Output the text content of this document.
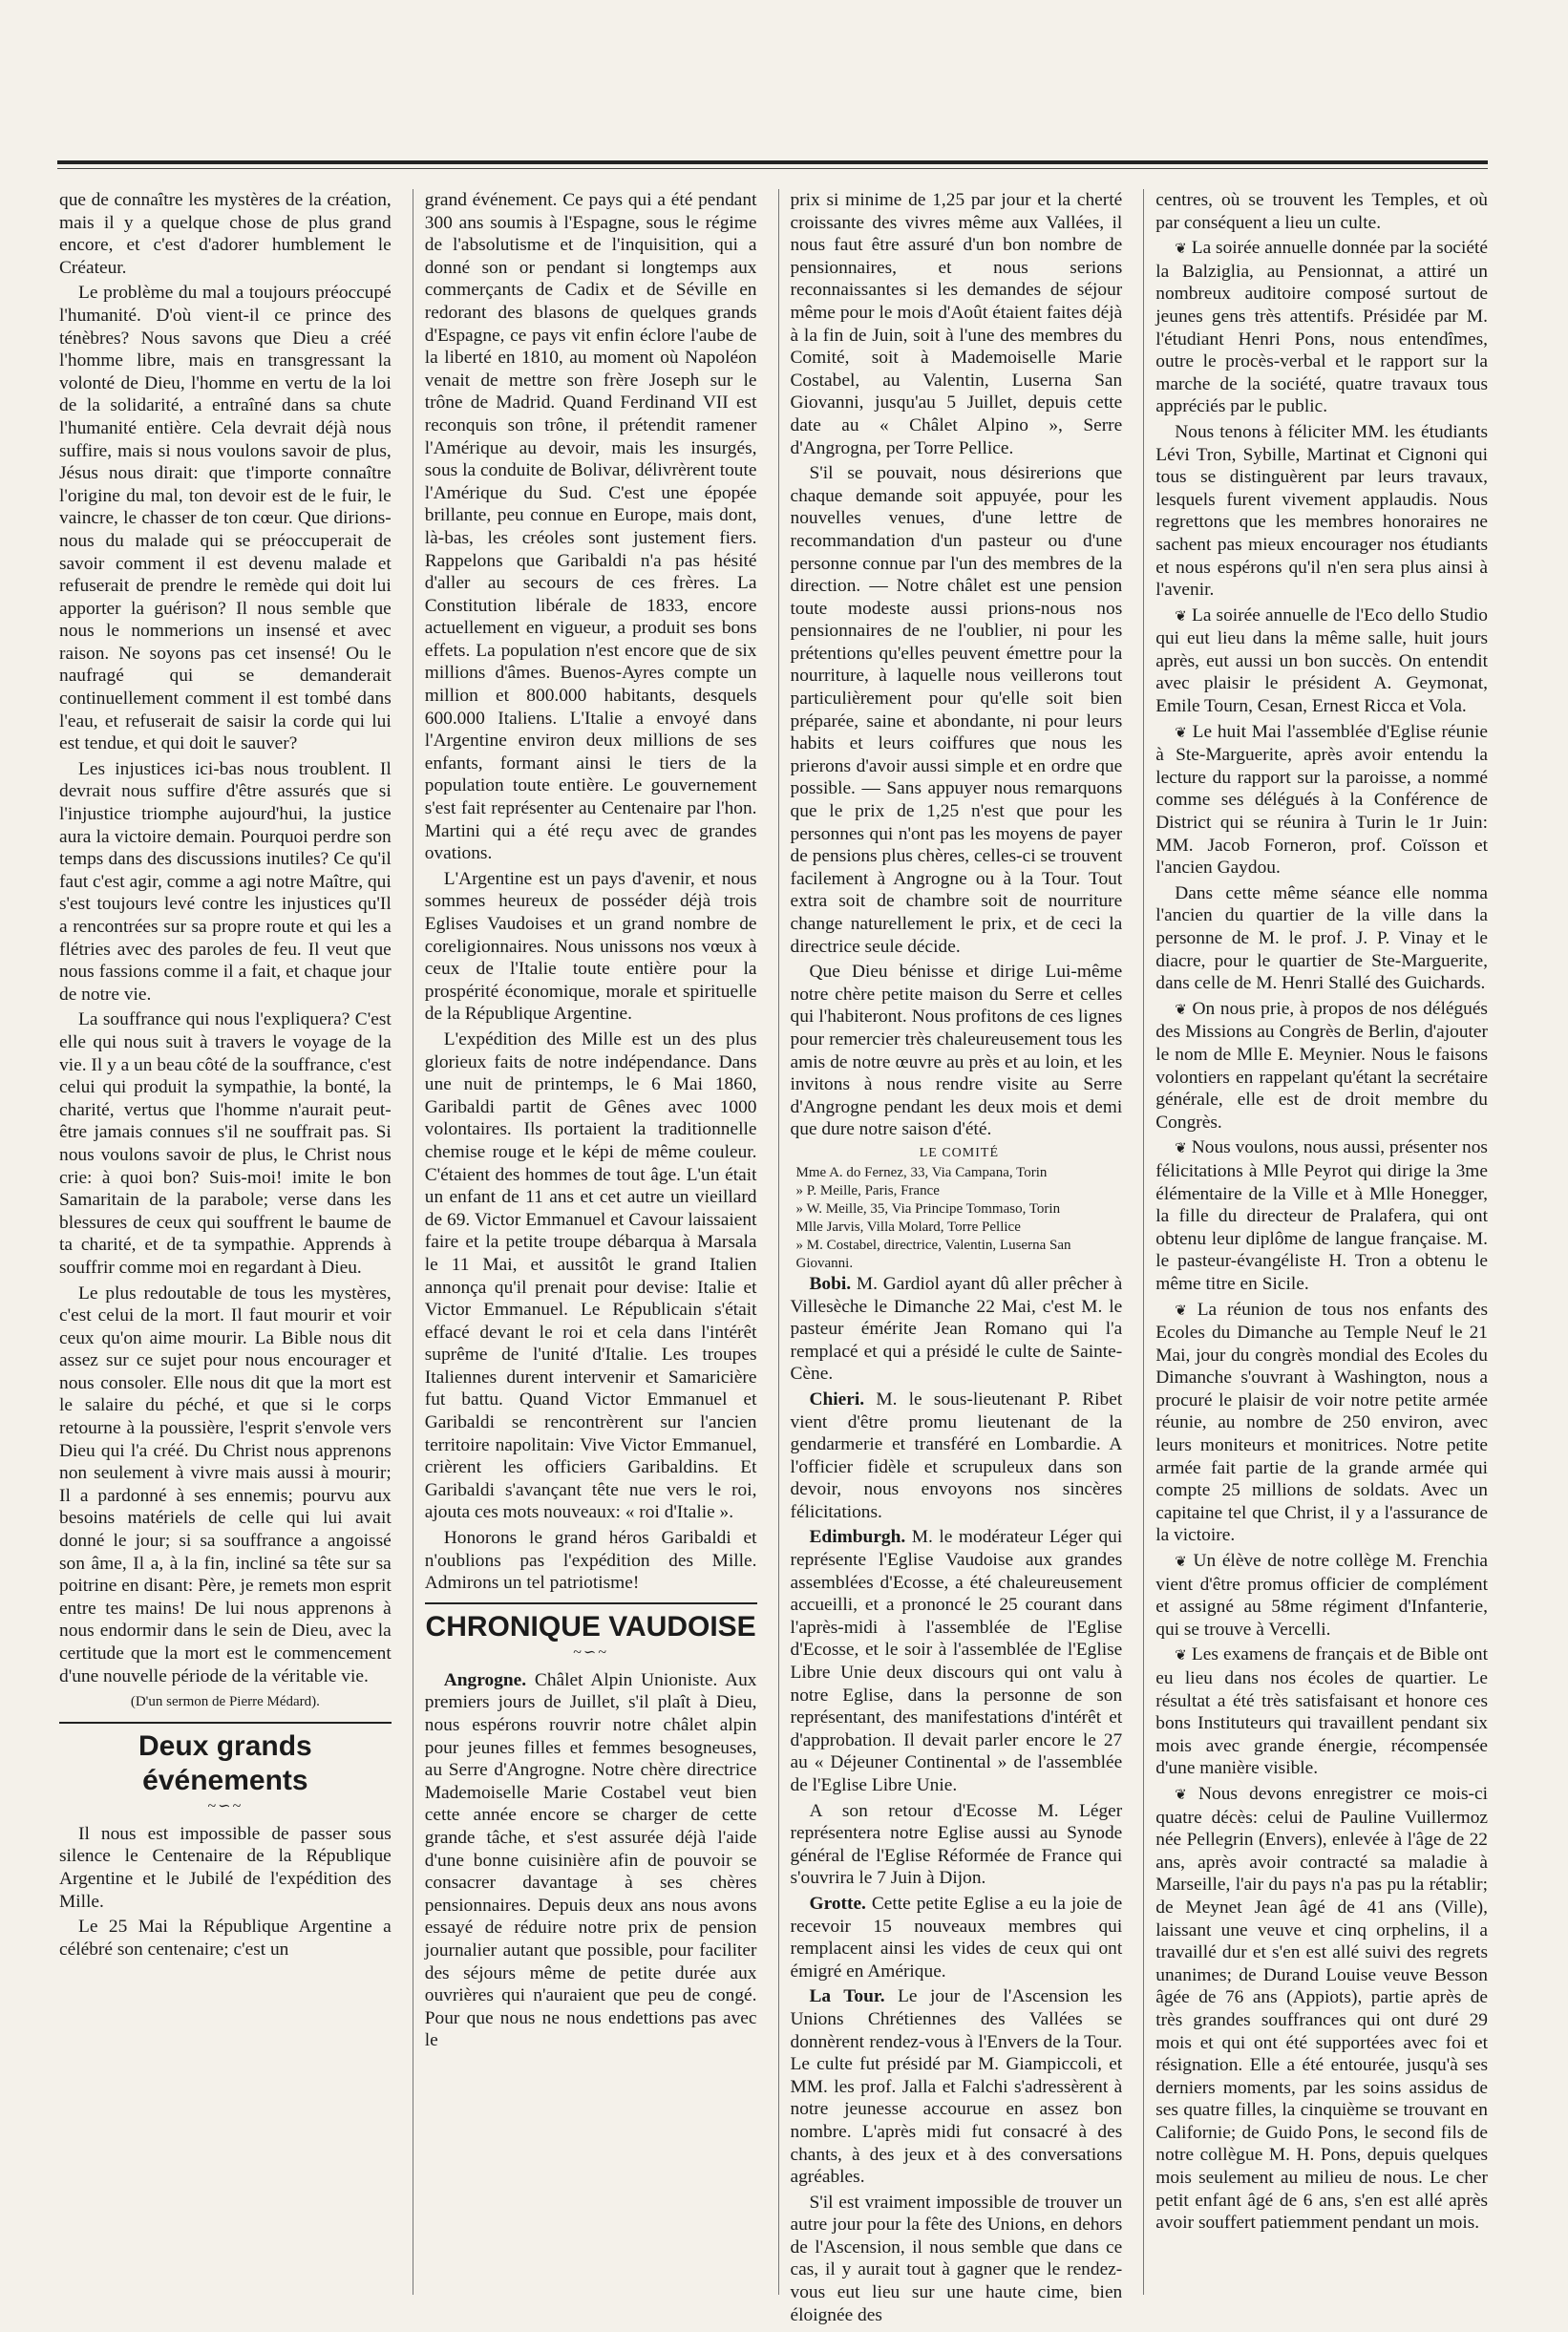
que de connaître les mystères de la création, mais il y a quelque chose de plus grand encore, et c'est d'adorer humblement le Créateur.

Le problème du mal a toujours préoccupé l'humanité. D'où vient-il ce prince des ténèbres? Nous savons que Dieu a créé l'homme libre, mais en transgressant la volonté de Dieu, l'homme en vertu de la loi de la solidarité, a entraîné dans sa chute l'humanité entière. Cela devrait déjà nous suffire, mais si nous voulons savoir de plus, Jésus nous dirait: que t'importe connaître l'origine du mal, ton devoir est de le fuir, le vaincre, le chasser de ton cœur. Que dirions-nous du malade qui se préoccuperait de savoir comment il est devenu malade et refuserait de prendre le remède qui doit lui apporter la guérison? Il nous semble que nous le nommerions un insensé et avec raison. Ne soyons pas cet insensé! Ou le naufragé qui se demanderait continuellement comment il est tombé dans l'eau, et refuserait de saisir la corde qui lui est tendue, et qui doit le sauver?

Les injustices ici-bas nous troublent. Il devrait nous suffire d'être assurés que si l'injustice triomphe aujourd'hui, la justice aura la victoire demain. Pourquoi perdre son temps dans des discussions inutiles? Ce qu'il faut c'est agir, comme a agi notre Maître, qui s'est toujours levé contre les injustices qu'Il a rencontrées sur sa propre route et qui les a flétries avec des paroles de feu. Il veut que nous fassions comme il a fait, et chaque jour de notre vie.

La souffrance qui nous l'expliquera? C'est elle qui nous suit à travers le voyage de la vie. Il y a un beau côté de la souffrance, c'est celui qui produit la sympathie, la bonté, la charité, vertus que l'homme n'aurait peut-être jamais connues s'il ne souffrait pas. Si nous voulons savoir de plus, le Christ nous crie: à quoi bon? Suis-moi! imite le bon Samaritain de la parabole; verse dans les blessures de ceux qui souffrent le baume de ta charité, et de ta sympathie. Apprends à souffrir comme moi en regardant à Dieu.

Le plus redoutable de tous les mystères, c'est celui de la mort. Il faut mourir et voir ceux qu'on aime mourir. La Bible nous dit assez sur ce sujet pour nous encourager et nous consoler. Elle nous dit que la mort est le salaire du péché, et que si le corps retourne à la poussière, l'esprit s'envole vers Dieu qui l'a créé. Du Christ nous apprenons non seulement à vivre mais aussi à mourir; Il a pardonné à ses ennemis; pourvu aux besoins matériels de celle qui lui avait donné le jour; si sa souffrance a angoissé son âme, Il a, à la fin, incliné sa tête sur sa poitrine en disant: Père, je remets mon esprit entre tes mains! De lui nous apprenons à nous endormir dans le sein de Dieu, avec la certitude que la mort est le commencement d'une nouvelle période de la véritable vie.

(D'un sermon de Pierre Médard).
Deux grands événements
~∽~

Il nous est impossible de passer sous silence le Centenaire de la République Argentine et le Jubilé de l'expédition des Mille.

Le 25 Mai la République Argentine a célébré son centenaire; c'est un

grand événement. Ce pays qui a été pendant 300 ans soumis à l'Espagne, sous le régime de l'absolutisme et de l'inquisition, qui a donné son or pendant si longtemps aux commerçants de Cadix et de Séville en redorant des blasons de quelques grands d'Espagne, ce pays vit enfin éclore l'aube de la liberté en 1810, au moment où Napoléon venait de mettre son frère Joseph sur le trône de Madrid. Quand Ferdinand VII est reconquis son trône, il prétendit ramener l'Amérique au devoir, mais les insurgés, sous la conduite de Bolivar, délivrèrent toute l'Amérique du Sud. C'est une épopée brillante, peu connue en Europe, mais dont, là-bas, les créoles sont justement fiers. Rappelons que Garibaldi n'a pas hésité d'aller au secours de ces frères. La Constitution libérale de 1833, encore actuellement en vigueur, a produit ses bons effets. La population n'est encore que de six millions d'âmes. Buenos-Ayres compte un million et 800.000 habitants, desquels 600.000 Italiens. L'Italie a envoyé dans l'Argentine environ deux millions de ses enfants, formant ainsi le tiers de la population toute entière. Le gouvernement s'est fait représenter au Centenaire par l'hon. Martini qui a été reçu avec de grandes ovations.

L'Argentine est un pays d'avenir, et nous sommes heureux de posséder déjà trois Eglises Vaudoises et un grand nombre de coreligionnaires. Nous unissons nos vœux à ceux de l'Italie toute entière pour la prospérité économique, morale et spirituelle de la République Argentine.

L'expédition des Mille est un des plus glorieux faits de notre indépendance. Dans une nuit de printemps, le 6 Mai 1860, Garibaldi partit de Gênes avec 1000 volontaires. Ils portaient la traditionnelle chemise rouge et le képi de même couleur. C'étaient des hommes de tout âge. L'un était un enfant de 11 ans et cet autre un vieillard de 69. Victor Emmanuel et Cavour laissaient faire et la petite troupe débarqua à Marsala le 11 Mai, et aussitôt le grand Italien annonça qu'il prenait pour devise: Italie et Victor Emmanuel. Le Républicain s'était effacé devant le roi et cela dans l'intérêt suprême de l'unité d'Italie. Les troupes Italiennes durent intervenir et Samaricière fut battu. Quand Victor Emmanuel et Garibaldi se rencontrèrent sur l'ancien territoire napolitain: Vive Victor Emmanuel, crièrent les officiers Garibaldins. Et Garibaldi s'avançant tête nue vers le roi, ajouta ces mots nouveaux: « roi d'Italie ».

Honorons le grand héros Garibaldi et n'oublions pas l'expédition des Mille. Admirons un tel patriotisme!

CHRONIQUE VAUDOISE
~∽~

Angrogne. Châlet Alpin Unioniste. Aux premiers jours de Juillet, s'il plaît à Dieu, nous espérons rouvrir notre châlet alpin pour jeunes filles et femmes besogneuses, au Serre d'Angrogne. Notre chère directrice Mademoiselle Marie Costabel veut bien cette année encore se charger de cette grande tâche, et s'est assurée déjà l'aide d'une bonne cuisinière afin de pouvoir se consacrer davantage à ses chères pensionnaires. Depuis deux ans nous avons essayé de réduire notre prix de pension journalier autant que possible, pour faciliter des séjours même de petite durée aux ouvrières qui n'auraient que peu de congé. Pour que nous ne nous endettions pas avec le

prix si minime de 1,25 par jour et la cherté croissante des vivres même aux Vallées, il nous faut être assuré d'un bon nombre de pensionnaires, et nous serions reconnaissantes si les demandes de séjour même pour le mois d'Août étaient faites déjà à la fin de Juin, soit à l'une des membres du Comité, soit à Mademoiselle Marie Costabel, au Valentin, Luserna San Giovanni, jusqu'au 5 Juillet, depuis cette date au « Châlet Alpino », Serre d'Angrogna, per Torre Pellice.

S'il se pouvait, nous désirerions que chaque demande soit appuyée, pour les nouvelles venues, d'une lettre de recommandation d'un pasteur ou d'une personne connue par l'un des membres de la direction. — Notre châlet est une pension toute modeste aussi prions-nous nos pensionnaires de ne l'oublier, ni pour les prétentions qu'elles peuvent émettre pour la nourriture, à laquelle nous veillerons tout particulièrement pour qu'elle soit bien préparée, saine et abondante, ni pour leurs habits et leurs coiffures que nous les prierons d'avoir aussi simple et en ordre que possible. — Sans appuyer nous remarquons que le prix de 1,25 n'est que pour les personnes qui n'ont pas les moyens de payer de pensions plus chères, celles-ci se trouvent facilement à Angrogne ou à la Tour. Tout extra soit de chambre soit de nourriture change naturellement le prix, et de ceci la directrice seule décide.

Que Dieu bénisse et dirige Lui-même notre chère petite maison du Serre et celles qui l'habiteront. Nous profitons de ces lignes pour remercier très chaleureusement tous les amis de notre œuvre au près et au loin, et les invitons à nous rendre visite au Serre d'Angrogne pendant les deux mois et demi que dure notre saison d'été.

LE COMITÉ
Mme A. do Fernez, 33, Via Campana, Torin
» P. Meille, Paris, France
» W. Meille, 35, Via Principe Tommaso, Torin
Mlle Jarvis, Villa Molard, Torre Pellice
» M. Costabel, directrice, Valentin, Luserna San Giovanni.

Bobi. M. Gardiol ayant dû aller prêcher à Villesèche le Dimanche 22 Mai, c'est M. le pasteur émérite Jean Romano qui l'a remplacé et qui a présidé le culte de Sainte-Cène.

Chieri. M. le sous-lieutenant P. Ribet vient d'être promu lieutenant de la gendarmerie et transféré en Lombardie. A l'officier fidèle et scrupuleux dans son devoir, nous envoyons nos sincères félicitations.

Edimburgh. M. le modérateur Léger qui représente l'Eglise Vaudoise aux grandes assemblées d'Ecosse, a été chaleureusement accueilli, et a prononcé le 25 courant dans l'après-midi à l'assemblée de l'Eglise d'Ecosse, et le soir à l'assemblée de l'Eglise Libre Unie deux discours qui ont valu à notre Eglise, dans la personne de son représentant, des manifestations d'intérêt et d'approbation. Il devait parler encore le 27 au « Déjeuner Continental » de l'assemblée de l'Eglise Libre Unie.

A son retour d'Ecosse M. Léger représentera notre Eglise aussi au Synode général de l'Eglise Réformée de France qui s'ouvrira le 7 Juin à Dijon.

Grotte. Cette petite Eglise a eu la joie de recevoir 15 nouveaux membres qui remplacent ainsi les vides de ceux qui ont émigré en Amérique.

La Tour. Le jour de l'Ascension les Unions Chrétiennes des Vallées se donnèrent rendez-vous à l'Envers de la Tour. Le culte fut présidé par M. Giampiccoli, et MM. les prof. Jalla et Falchi s'adressèrent à notre jeunesse accourue en assez bon nombre. L'après midi fut consacré à des chants, à des jeux et à des conversations agréables.

S'il est vraiment impossible de trouver un autre jour pour la fête des Unions, en dehors de l'Ascension, il nous semble que dans ce cas, il y aurait tout à gagner que le rendez-vous eut lieu sur une haute cime, bien éloignée des

centres, où se trouvent les Temples, et où par conséquent a lieu un culte.

❦ La soirée annuelle donnée par la société la Balziglia, au Pensionnat, a attiré un nombreux auditoire composé surtout de jeunes gens très attentifs. Présidée par M. l'étudiant Henri Pons, nous entendîmes, outre le procès-verbal et le rapport sur la marche de la société, quatre travaux tous appréciés par le public.

Nous tenons à féliciter MM. les étudiants Lévi Tron, Sybille, Martinat et Cignoni qui tous se distinguèrent par leurs travaux, lesquels furent vivement applaudis. Nous regrettons que les membres honoraires ne sachent pas mieux encourager nos étudiants et nous espérons qu'il n'en sera plus ainsi à l'avenir.

❦ La soirée annuelle de l'Eco dello Studio qui eut lieu dans la même salle, huit jours après, eut aussi un bon succès. On entendit avec plaisir le président A. Geymonat, Emile Tourn, Cesan, Ernest Ricca et Vola.

❦ Le huit Mai l'assemblée d'Eglise réunie à Ste-Marguerite, après avoir entendu la lecture du rapport sur la paroisse, a nommé comme ses délégués à la Conférence de District qui se réunira à Turin le 1r Juin: MM. Jacob Forneron, prof. Coïsson et l'ancien Gaydou.

Dans cette même séance elle nomma l'ancien du quartier de la ville dans la personne de M. le prof. J. P. Vinay et le diacre, pour le quartier de Ste-Marguerite, dans celle de M. Henri Stallé des Guichards.

❦ On nous prie, à propos de nos délégués des Missions au Congrès de Berlin, d'ajouter le nom de Mlle E. Meynier. Nous le faisons volontiers en rappelant qu'étant la secrétaire générale, elle est de droit membre du Congrès.

❦ Nous voulons, nous aussi, présenter nos félicitations à Mlle Peyrot qui dirige la 3me élémentaire de la Ville et à Mlle Honegger, la fille du directeur de Pralafera, qui ont obtenu leur diplôme de langue française. M. le pasteur-évangéliste H. Tron a obtenu le même titre en Sicile.

❦ La réunion de tous nos enfants des Ecoles du Dimanche au Temple Neuf le 21 Mai, jour du congrès mondial des Ecoles du Dimanche s'ouvrant à Washington, nous a procuré le plaisir de voir notre petite armée réunie, au nombre de 250 environ, avec leurs moniteurs et monitrices. Notre petite armée fait partie de la grande armée qui compte 25 millions de soldats. Avec un capitaine tel que Christ, il y a l'assurance de la victoire.

❦ Un élève de notre collège M. Frenchia vient d'être promus officier de complément et assigné au 58me régiment d'Infanterie, qui se trouve à Vercelli.

❦ Les examens de français et de Bible ont eu lieu dans nos écoles de quartier. Le résultat a été très satisfaisant et honore ces bons Instituteurs qui travaillent pendant six mois avec grande énergie, récompensée d'une manière visible.

❦ Nous devons enregistrer ce mois-ci quatre décès: celui de Pauline Vuillermoz née Pellegrin (Envers), enlevée à l'âge de 22 ans, après avoir contracté sa maladie à Marseille, l'air du pays n'a pas pu la rétablir; de Meynet Jean âgé de 41 ans (Ville), laissant une veuve et cinq orphelins, il a travaillé dur et s'en est allé suivi des regrets unanimes; de Durand Louise veuve Besson âgée de 76 ans (Appiots), partie après de très grandes souffrances qui ont duré 29 mois et qui ont été supportées avec foi et résignation. Elle a été entourée, jusqu'à ses derniers moments, par les soins assidus de ses quatre filles, la cinquième se trouvant en Californie; de Guido Pons, le second fils de notre collègue M. H. Pons, depuis quelques mois seulement au milieu de nous. Le cher petit enfant âgé de 6 ans, s'en est allé après avoir souffert patiemment pendant un mois.
